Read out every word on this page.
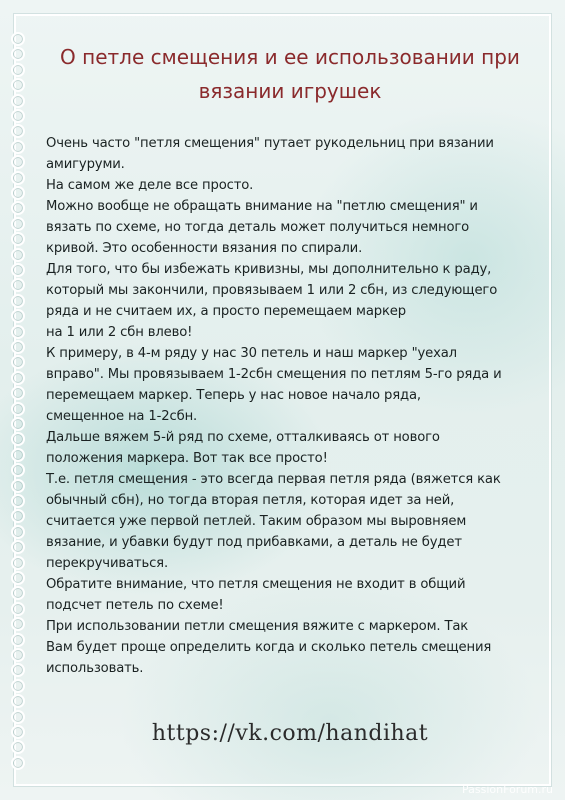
О петле смещения и ее использовании при
вязании игрушек
Очень часто "петля смещения" путает рукодельниц при вязании
амигуруми.
На самом же деле все просто.
Можно вообще не обращать внимание на "петлю смещения" и
вязать по схеме, но тогда деталь может получиться немного
кривой. Это особенности вязания по спирали.
Для того, что бы избежать кривизны, мы дополнительно к раду,
который мы закончили, провязываем 1 или 2 сбн, из следующего
ряда и не считаем их, а просто перемещаем маркер
на 1 или 2 сбн влево!
К примеру, в 4-м ряду у нас 30 петель и наш маркер "уехал
вправо". Мы провязываем 1-2сбн смещения по петлям 5-го ряда и
перемещаем маркер. Теперь у нас новое начало ряда,
смещенное на 1-2сбн.
Дальше вяжем 5-й ряд по схеме, отталкиваясь от нового
положения маркера. Вот так все просто!
Т.е. петля смещения - это всегда первая петля ряда (вяжется как
обычный сбн), но тогда вторая петля, которая идет за ней,
считается уже первой петлей. Таким образом мы выровняем
вязание, и убавки будут под прибавками, а деталь не будет
перекручиваться.
Обратите внимание, что петля смещения не входит в общий
подсчет петель по схеме!
При использовании петли смещения вяжите с маркером. Так
Вам будет проще определить когда и сколько петель смещения
использовать.
https://vk.com/handihat
PassionForum.ru
